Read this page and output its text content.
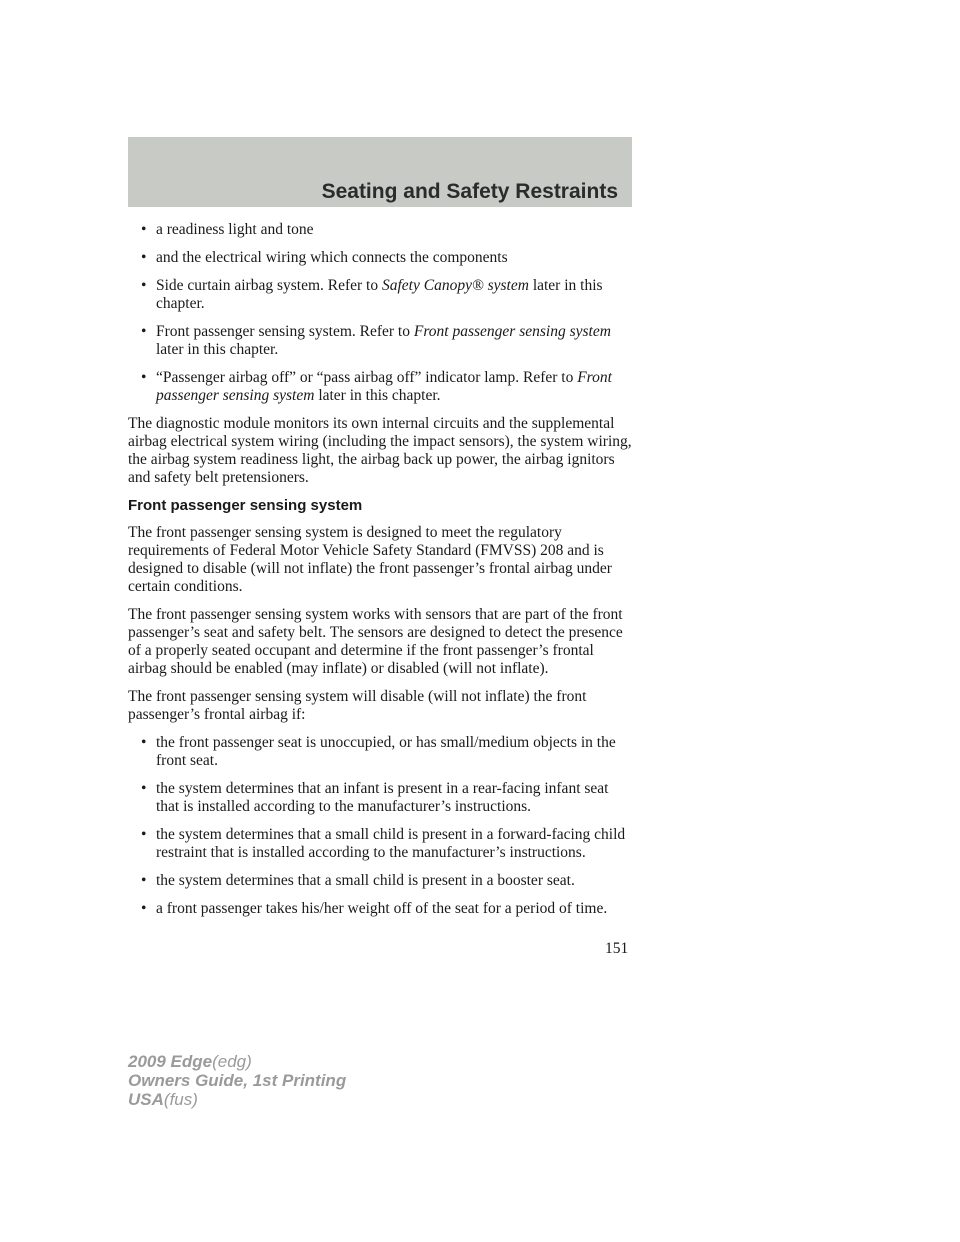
Seating and Safety Restraints
• a readiness light and tone
• and the electrical wiring which connects the components
• Side curtain airbag system. Refer to Safety Canopy® system later in this chapter.
• Front passenger sensing system. Refer to Front passenger sensing system later in this chapter.
• “Passenger airbag off” or “pass airbag off” indicator lamp. Refer to Front passenger sensing system later in this chapter.

The diagnostic module monitors its own internal circuits and the supplemental airbag electrical system wiring (including the impact sensors), the system wiring, the airbag system readiness light, the airbag back up power, the airbag ignitors and safety belt pretensioners.

Front passenger sensing system

The front passenger sensing system is designed to meet the regulatory requirements of Federal Motor Vehicle Safety Standard (FMVSS) 208 and is designed to disable (will not inflate) the front passenger’s frontal airbag under certain conditions.

The front passenger sensing system works with sensors that are part of the front passenger’s seat and safety belt. The sensors are designed to detect the presence of a properly seated occupant and determine if the front passenger’s frontal airbag should be enabled (may inflate) or disabled (will not inflate).

The front passenger sensing system will disable (will not inflate) the front passenger’s frontal airbag if:

• the front passenger seat is unoccupied, or has small/medium objects in the front seat.
• the system determines that an infant is present in a rear-facing infant seat that is installed according to the manufacturer’s instructions.
• the system determines that a small child is present in a forward-facing child restraint that is installed according to the manufacturer’s instructions.
• the system determines that a small child is present in a booster seat.
• a front passenger takes his/her weight off of the seat for a period of time.
151
2009 Edge(edg)
Owners Guide, 1st Printing
USA(fus)
